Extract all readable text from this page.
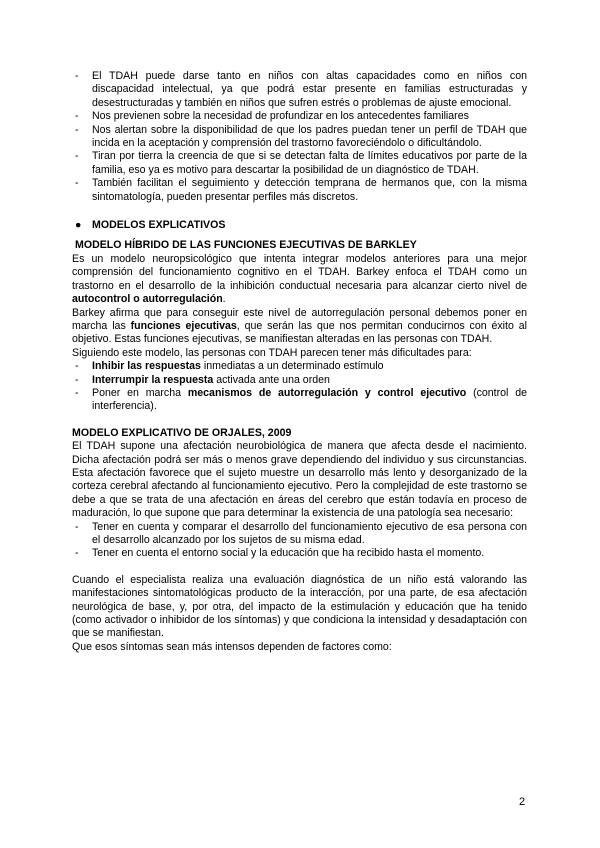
- El TDAH puede darse tanto en niños con altas capacidades como en niños con discapacidad intelectual, ya que podrá estar presente en familias estructuradas y desestructuradas y también en niños que sufren estrés o problemas de ajuste emocional.
- Nos previenen sobre la necesidad de profundizar en los antecedentes familiares
- Nos alertan sobre la disponibilidad de que los padres puedan tener un perfil de TDAH que incida en la aceptación y comprensión del trastorno favoreciéndolo o dificultándolo.
- Tiran por tierra la creencia de que si se detectan falta de límites educativos por parte de la familia, eso ya es motivo para descartar la posibilidad de un diagnóstico de TDAH.
- También facilitan el seguimiento y detección temprana de hermanos que, con la misma sintomatología, pueden presentar perfiles más discretos.

● MODELOS EXPLICATIVOS

MODELO HÍBRIDO DE LAS FUNCIONES EJECUTIVAS DE BARKLEY

Es un modelo neuropsicológico que intenta integrar modelos anteriores para una mejor comprensión del funcionamiento cognitivo en el TDAH. Barkey enfoca el TDAH como un trastorno en el desarrollo de la inhibición conductual necesaria para alcanzar cierto nivel de autocontrol o autorregulación.

Barkey afirma que para conseguir este nivel de autorregulación personal debemos poner en marcha las funciones ejecutivas, que serán las que nos permitan conducirnos con éxito al objetivo. Estas funciones ejecutivas, se manifiestan alteradas en las personas con TDAH.

Siguiendo este modelo, las personas con TDAH parecen tener más dificultades para:

- Inhibir las respuestas inmediatas a un determinado estímulo
- Interrumpir la respuesta activada ante una orden
- Poner en marcha mecanismos de autorregulación y control ejecutivo (control de interferencia).

MODELO EXPLICATIVO DE ORJALES, 2009

El TDAH supone una afectación neurobiológica de manera que afecta desde el nacimiento. Dicha afectación podrá ser más o menos grave dependiendo del individuo y sus circunstancias. Esta afectación favorece que el sujeto muestre un desarrollo más lento y desorganizado de la corteza cerebral afectando al funcionamiento ejecutivo. Pero la complejidad de este trastorno se debe a que se trata de una afectación en áreas del cerebro que están todavía en proceso de maduración, lo que supone que para determinar la existencia de una patología sea necesario:

- Tener en cuenta y comparar el desarrollo del funcionamiento ejecutivo de esa persona con el desarrollo alcanzado por los sujetos de su misma edad.
- Tener en cuenta el entorno social y la educación que ha recibido hasta el momento.

Cuando el especialista realiza una evaluación diagnóstica de un niño está valorando las manifestaciones sintomatológicas producto de la interacción, por una parte, de esa afectación neurológica de base, y, por otra, del impacto de la estimulación y educación que ha tenido (como activador o inhibidor de los síntomas) y que condiciona la intensidad y desadaptación con que se manifiestan.

Que esos síntomas sean más intensos dependen de factores como:

2
